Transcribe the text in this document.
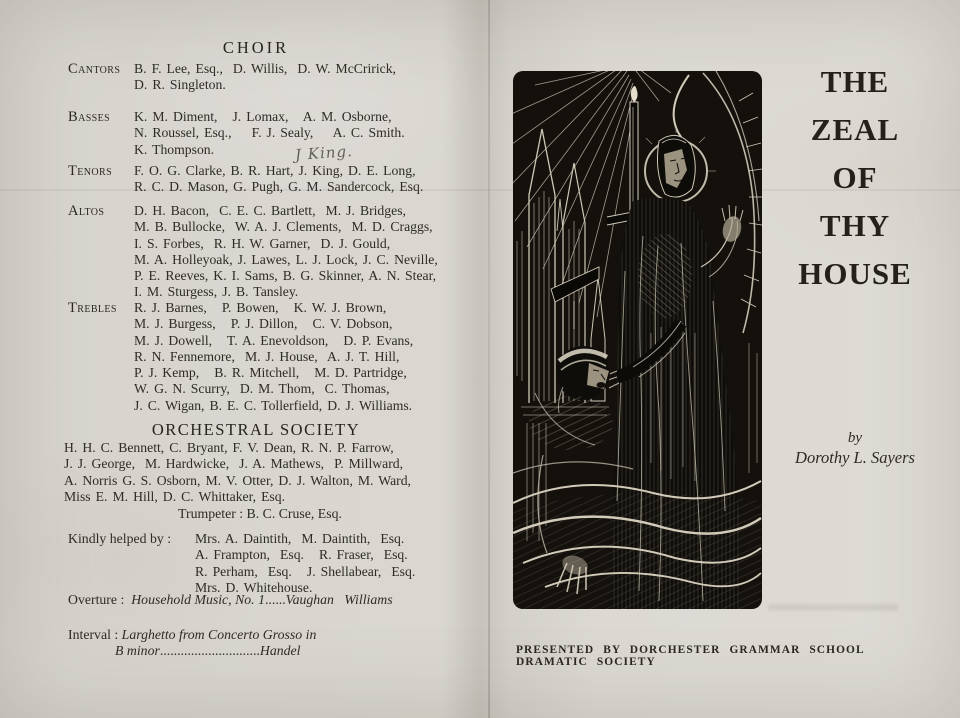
CHOIR
Cantors	B. F. Lee, Esq.,  D. Willis,  D. W. McCririck,
D. R. Singleton.
Basses	K. M. Diment,   J. Lomax,   A. M. Osborne,
N. Roussel, Esq.,    F. J. Sealy,    A. C. Smith.
K. Thompson.	J King.
Tenors	F. O. G. Clarke, B. R. Hart, J. King, D. E. Long,
R. C. D. Mason, G. Pugh, G. M. Sandercock, Esq.
Altos	D. H. Bacon,  C. E. C. Bartlett,  M. J. Bridges,
M. B. Bullocke,  W. A. J. Clements,  M. D. Craggs,
I. S. Forbes,  R. H. W. Garner,  D. J. Gould,
M. A. Holleyoak, J. Lawes, L. J. Lock, J. C. Neville,
P. E. Reeves, K. I. Sams, B. G. Skinner, A. N. Stear,
I. M. Sturgess, J. B. Tansley.
Trebles	R. J. Barnes,   P. Bowen,   K. W. J. Brown,
M. J. Burgess,   P. J. Dillon,   C. V. Dobson,
M. J. Dowell,   T. A. Enevoldson,   D. P. Evans,
R. N. Fennemore,  M. J. House,  A. J. T. Hill,
P. J. Kemp,   B. R. Mitchell,   M. D. Partridge,
W. G. N. Scurry,  D. M. Thom,  C. Thomas,
J. C. Wigan, B. E. C. Tollerfield, D. J. Williams.
ORCHESTRAL SOCIETY
H. H. C. Bennett, C. Bryant, F. V. Dean, R. N. P. Farrow,
J. J. George,  M. Hardwicke,  J. A. Mathews,  P. Millward,
A. Norris G. S. Osborn, M. V. Otter, D. J. Walton, M. Ward,
Miss E. M. Hill, D. C. Whittaker, Esq.
Trumpeter : B. C. Cruse, Esq.
Kindly helped by :	Mrs. A. Daintith,  M. Daintith,  Esq.
A. Frampton,  Esq.   R. Fraser,  Esq.
R. Perham,  Esq.   J. Shellabear,  Esq.
Mrs. D. Whitehouse.
Overture :  Household Music, No. 1......Vaughan   Williams
Interval : Larghetto from Concerto Grosso in
B minor.............................Handel
THE
ZEAL
OF
THY
HOUSE
by
Dorothy L. Sayers
PRESENTED BY DORCHESTER GRAMMAR SCHOOL DRAMATIC SOCIETY
